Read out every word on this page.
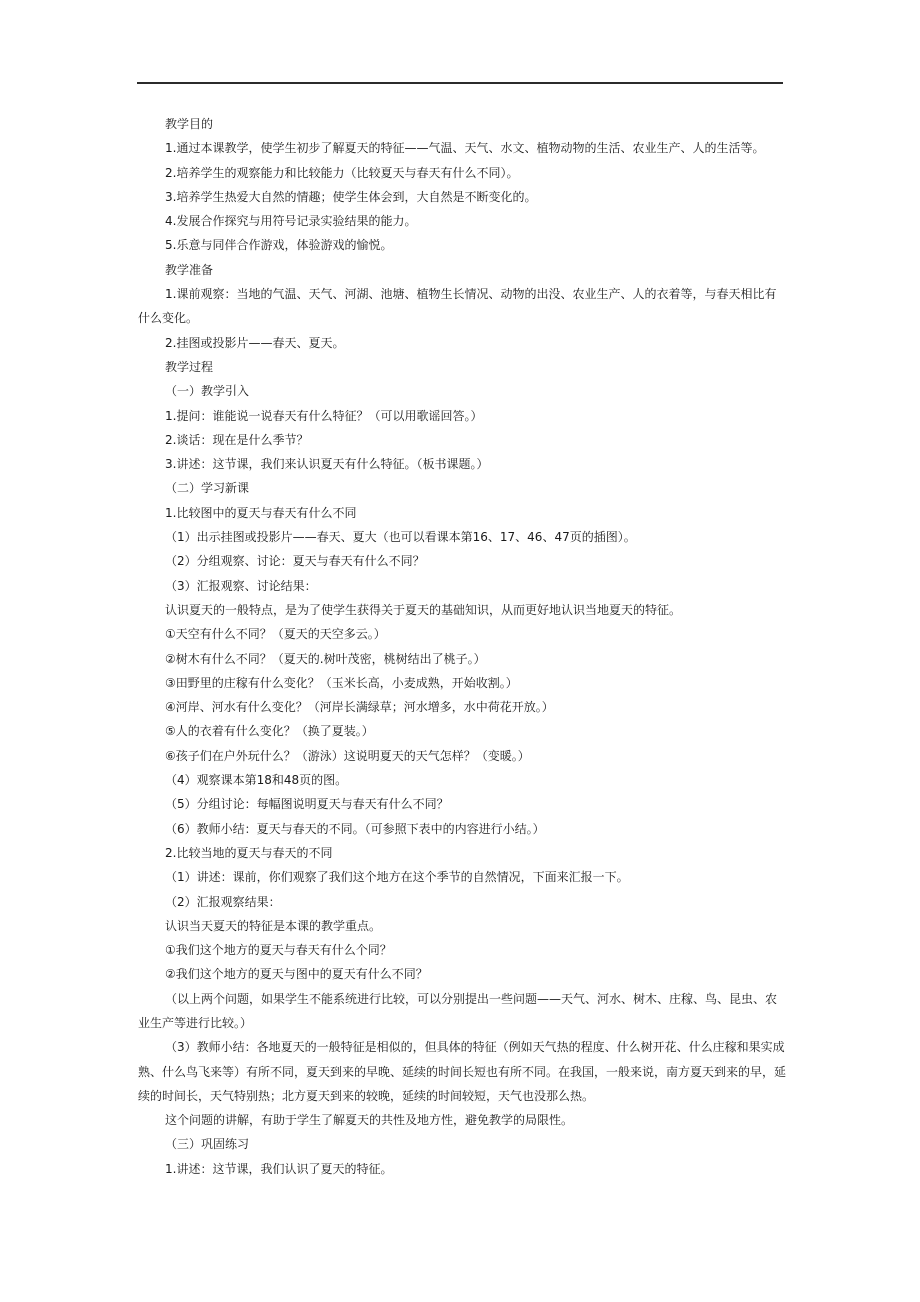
教学目的

1.通过本课教学，使学生初步了解夏天的特征——气温、天气、水文、植物动物的生活、农业生产、人的生活等。

2.培养学生的观察能力和比较能力（比较夏天与春天有什么不同）。

3.培养学生热爱大自然的情趣；使学生体会到，大自然是不断变化的。

4.发展合作探究与用符号记录实验结果的能力。

5.乐意与同伴合作游戏，体验游戏的愉悦。

教学准备

1.课前观察：当地的气温、天气、河湖、池塘、植物生长情况、动物的出没、农业生产、人的衣着等，与春天相比有什么变化。

2.挂图或投影片——春天、夏天。

教学过程

（一）教学引入

1.提问：谁能说一说春天有什么特征？（可以用歌谣回答。）

2.谈话：现在是什么季节？

3.讲述：这节课，我们来认识夏天有什么特征。（板书课题。）

（二）学习新课

1.比较图中的夏天与春天有什么不同

（1）出示挂图或投影片——春天、夏大（也可以看课本第16、17、46、47页的插图）。

（2）分组观察、讨论：夏天与春天有什么不同？

（3）汇报观察、讨论结果：

认识夏天的一般特点，是为了使学生获得关于夏天的基础知识，从而更好地认识当地夏天的特征。

①天空有什么不同？（夏天的天空多云。）

②树木有什么不同？（夏天的.树叶茂密，桃树结出了桃子。）

③田野里的庄稼有什么变化？（玉米长高，小麦成熟，开始收割。）

④河岸、河水有什么变化？（河岸长满绿草；河水增多，水中荷花开放。）

⑤人的衣着有什么变化？（换了夏装。）

⑥孩子们在户外玩什么？（游泳）这说明夏天的天气怎样？（变暖。）

（4）观察课本第18和48页的图。

（5）分组讨论：每幅图说明夏天与春天有什么不同？

（6）教师小结：夏天与春天的不同。（可参照下表中的内容进行小结。）

2.比较当地的夏天与春天的不同

（1）讲述：课前，你们观察了我们这个地方在这个季节的自然情况，下面来汇报一下。

（2）汇报观察结果：

认识当天夏天的特征是本课的教学重点。

①我们这个地方的夏天与春天有什么个同？

②我们这个地方的夏天与图中的夏天有什么不同？

（以上两个问题，如果学生不能系统进行比较，可以分别提出一些问题——天气、河水、树木、庄稼、鸟、昆虫、农业生产等进行比较。）

（3）教师小结：各地夏天的一般特征是相似的，但具体的特征（例如天气热的程度、什么树开花、什么庄稼和果实成熟、什么鸟飞来等）有所不同，夏天到来的早晚、延续的时间长短也有所不同。在我国，一般来说，南方夏天到来的早，延续的时间长，天气特别热；北方夏天到来的较晚，延续的时间较短，天气也没那么热。

这个问题的讲解，有助于学生了解夏天的共性及地方性，避免教学的局限性。

（三）巩固练习

1.讲述：这节课，我们认识了夏天的特征。
